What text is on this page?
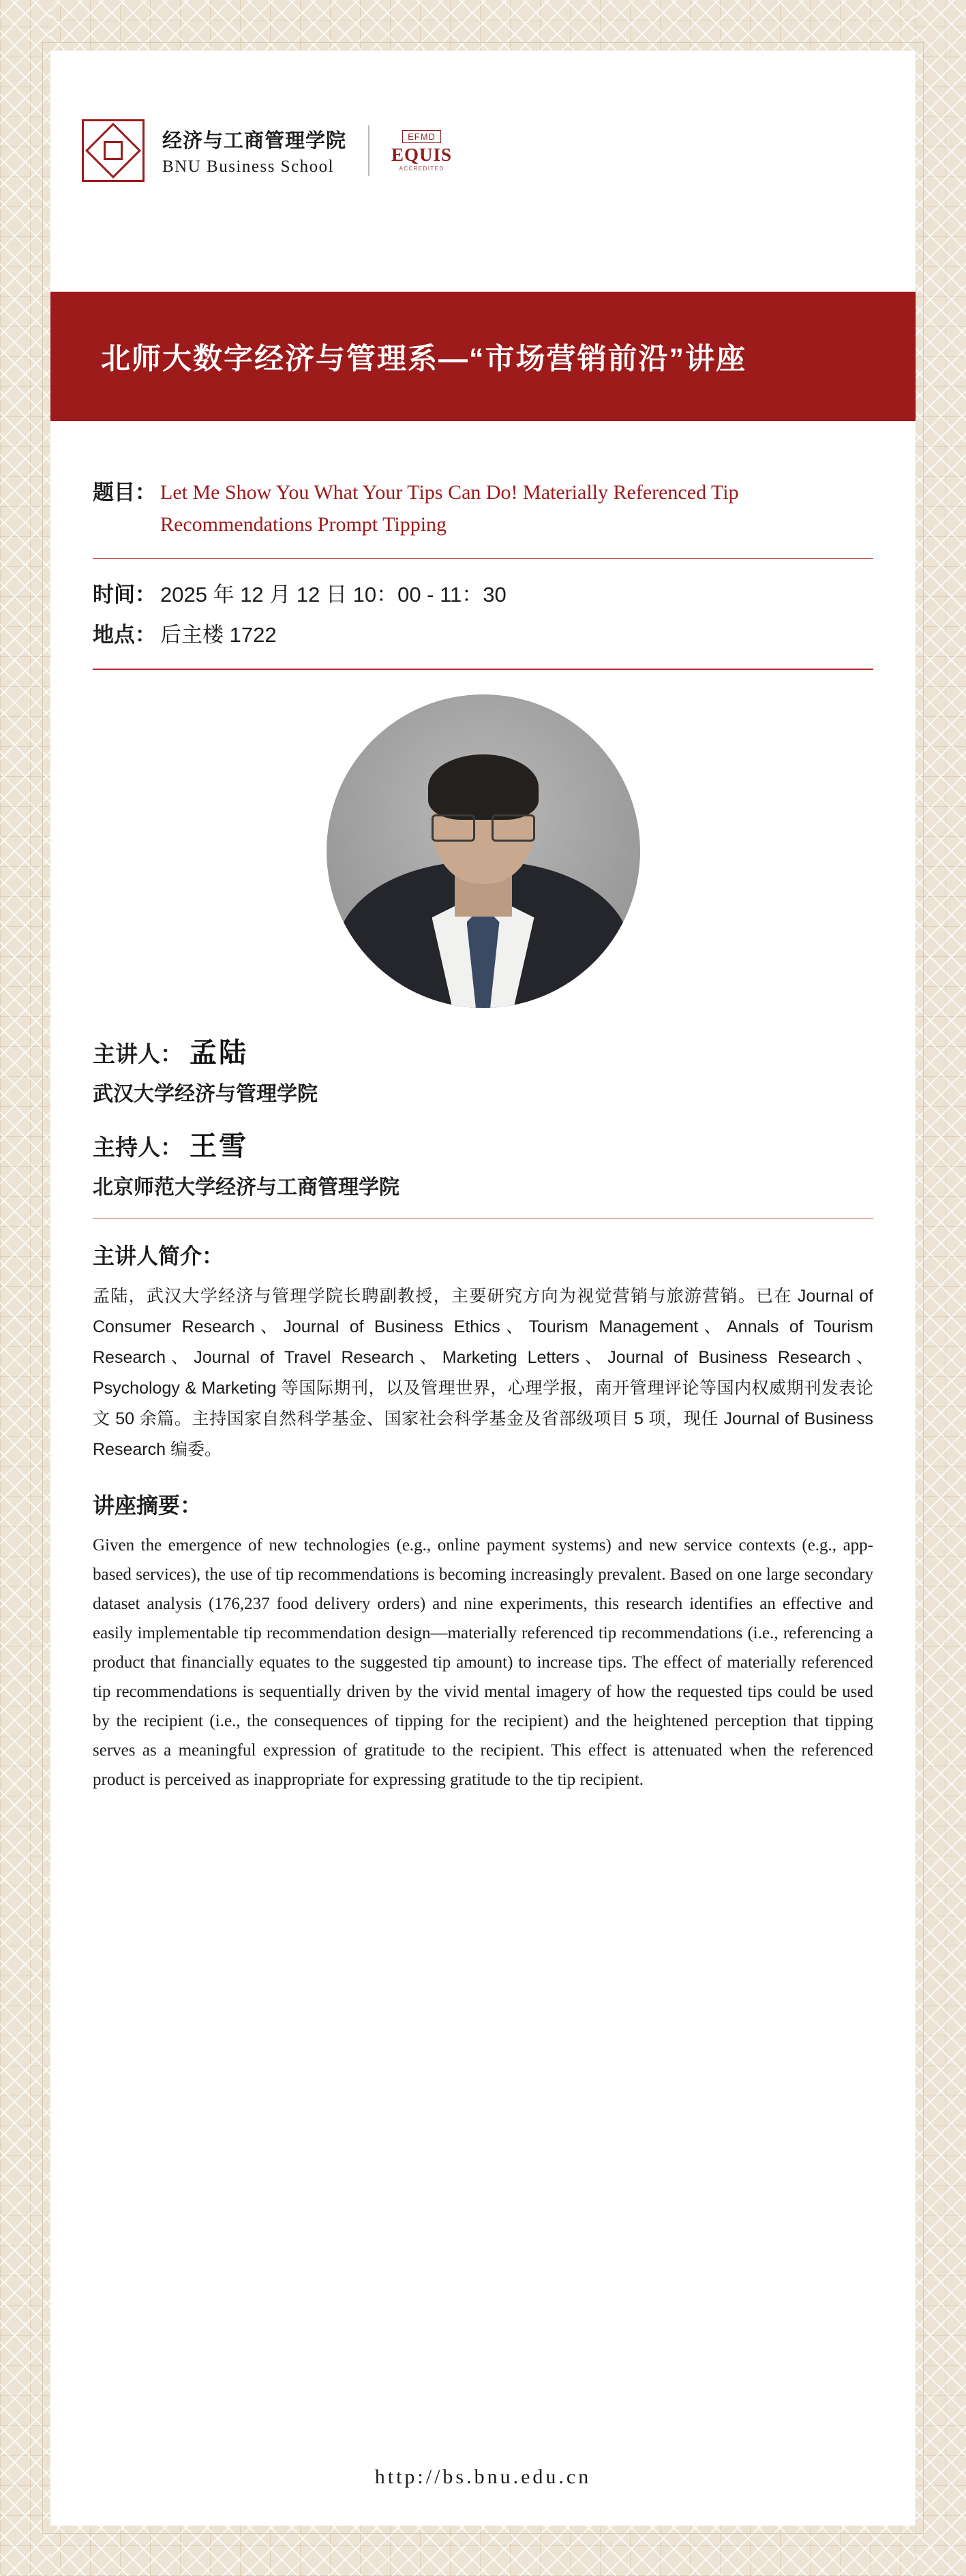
经济与工商管理学院
BNU Business School
EFMD
EQUIS
ACCREDITED
北师大数字经济与管理系—“市场营销前沿”讲座
题目： Let Me Show You What Your Tips Can Do! Materially Referenced Tip Recommendations Prompt Tipping
时间： 2025 年 12 月 12 日 10：00 - 11：30
地点： 后主楼 1722
主讲人： 孟陆
武汉大学经济与管理学院
主持人： 王雪
北京师范大学经济与工商管理学院
主讲人简介：
孟陆，武汉大学经济与管理学院长聘副教授，主要研究方向为视觉营销与旅游营销。已在 Journal of Consumer Research、Journal of Business Ethics、Tourism Management、Annals of Tourism Research、Journal of Travel Research、Marketing Letters、Journal of Business Research、Psychology & Marketing 等国际期刊，以及管理世界，心理学报，南开管理评论等国内权威期刊发表论文 50 余篇。主持国家自然科学基金、国家社会科学基金及省部级项目 5 项，现任 Journal of Business Research 编委。
讲座摘要：
Given the emergence of new technologies (e.g., online payment systems) and new service contexts (e.g., app-based services), the use of tip recommendations is becoming increasingly prevalent. Based on one large secondary dataset analysis (176,237 food delivery orders) and nine experiments, this research identifies an effective and easily implementable tip recommendation design—materially referenced tip recommendations (i.e., referencing a product that financially equates to the suggested tip amount) to increase tips. The effect of materially referenced tip recommendations is sequentially driven by the vivid mental imagery of how the requested tips could be used by the recipient (i.e., the consequences of tipping for the recipient) and the heightened perception that tipping serves as a meaningful expression of gratitude to the recipient. This effect is attenuated when the referenced product is perceived as inappropriate for expressing gratitude to the tip recipient.
http://bs.bnu.edu.cn
